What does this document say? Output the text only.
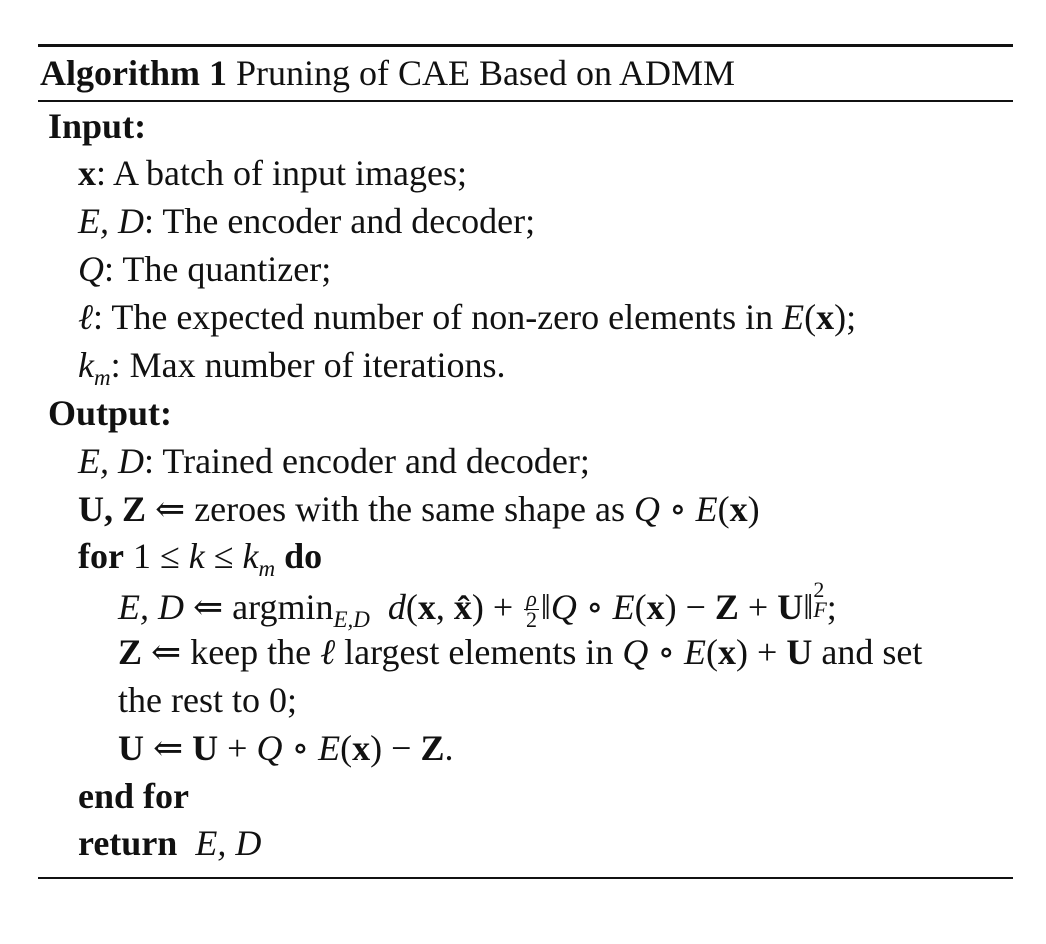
Algorithm 1 Pruning of CAE Based on ADMM
Input:
x: A batch of input images;
E, D: The encoder and decoder;
Q: The quantizer;
ℓ: The expected number of non-zero elements in E(x);
$k_m$: Max number of iterations.
Output:
E, D: Trained encoder and decoder;
U, Z ⇐ zeroes with the same shape as Q ∘ E(x)
for $1 \le k \le k_m$ do
E, D ⇐ argmin$_{E,D}$ d(x, x̂) + $\frac{\rho}{2}$ ‖Q ∘ E(x) − Z + U‖ 2
F ;
Z ⇐ keep the ℓ largest elements in Q ∘ E(x) + U and set
the rest to 0;
U ⇐ U + Q ∘ E(x) − Z.
end for
return E, D
